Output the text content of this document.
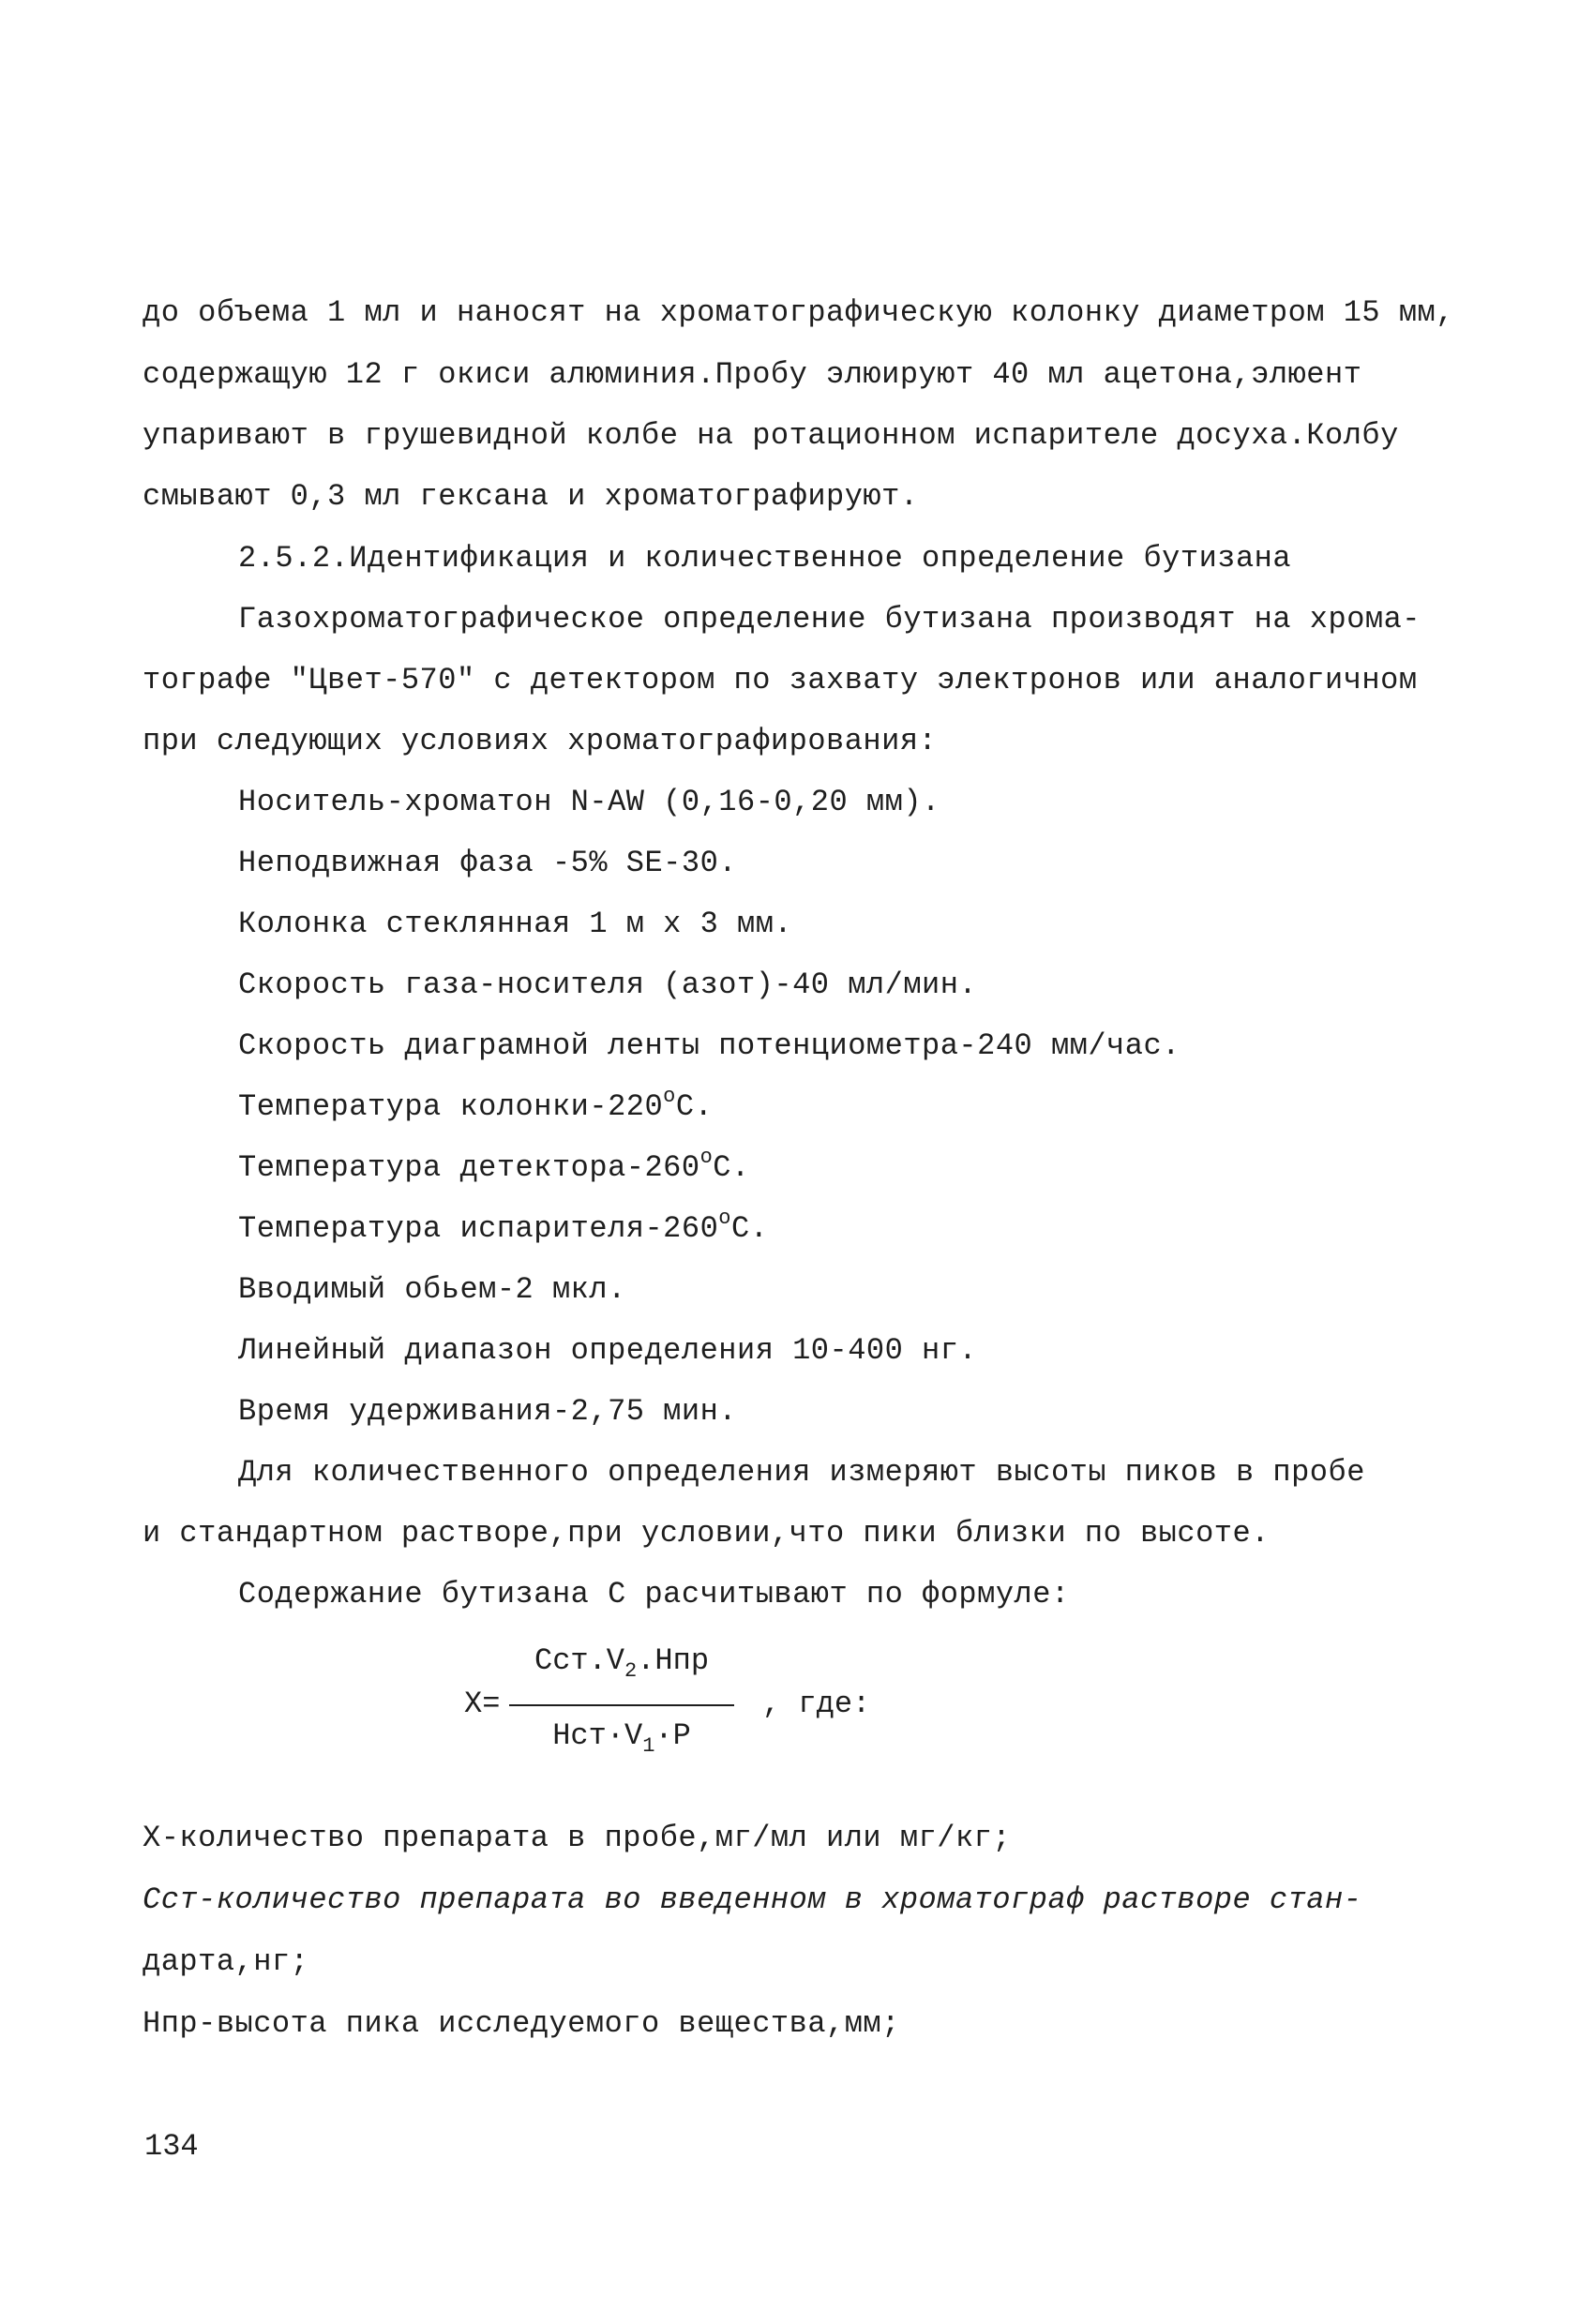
до объема 1 мл и наносят на хроматографическую колонку диаметром 15 мм,
содержащую 12 г окиси алюминия.Пробу элюируют 40 мл ацетона,элюент
упаривают в грушевидной колбе на ротационном испарителе досуха.Колбу
смывают 0,3 мл гексана и хроматографируют.
2.5.2.Идентификация и количественное определение бутизана
Газохроматографическое определение бутизана производят на хрома-
тографе "Цвет-570" с детектором по захвату электронов или аналогичном
при следующих условиях хроматографирования:
Носитель-хроматон N-AW (0,16-0,20 мм).
Неподвижная фаза -5% SE-30.
Колонка стеклянная 1 м х 3 мм.
Скорость газа-носителя (азот)-40 мл/мин.
Скорость диаграмной ленты потенциометра-240 мм/час.
Температура колонки-220$^o$C.
Температура детектора-260$^o$C.
Температура испарителя-260$^o$C.
Вводимый обьем-2 мкл.
Линейный диапазон определения 10-400 нг.
Время удерживания-2,75 мин.
Для количественного определения измеряют высоты пиков в пробе
и стандартном растворе,при условии,что пики близки по высоте.
Содержание бутизана С расчитывают по формуле:
Х=
$Сст.V_2.Нпр$
$Нст\cdot V_1\cdot Р$
, где:
Х-количество препарата в пробе,мг/мл или мг/кг;
Сст-количество препарата во введенном в хроматограф растворе стан-
дарта,нг;
Нпр-высота пика исследуемого вещества,мм;
134
